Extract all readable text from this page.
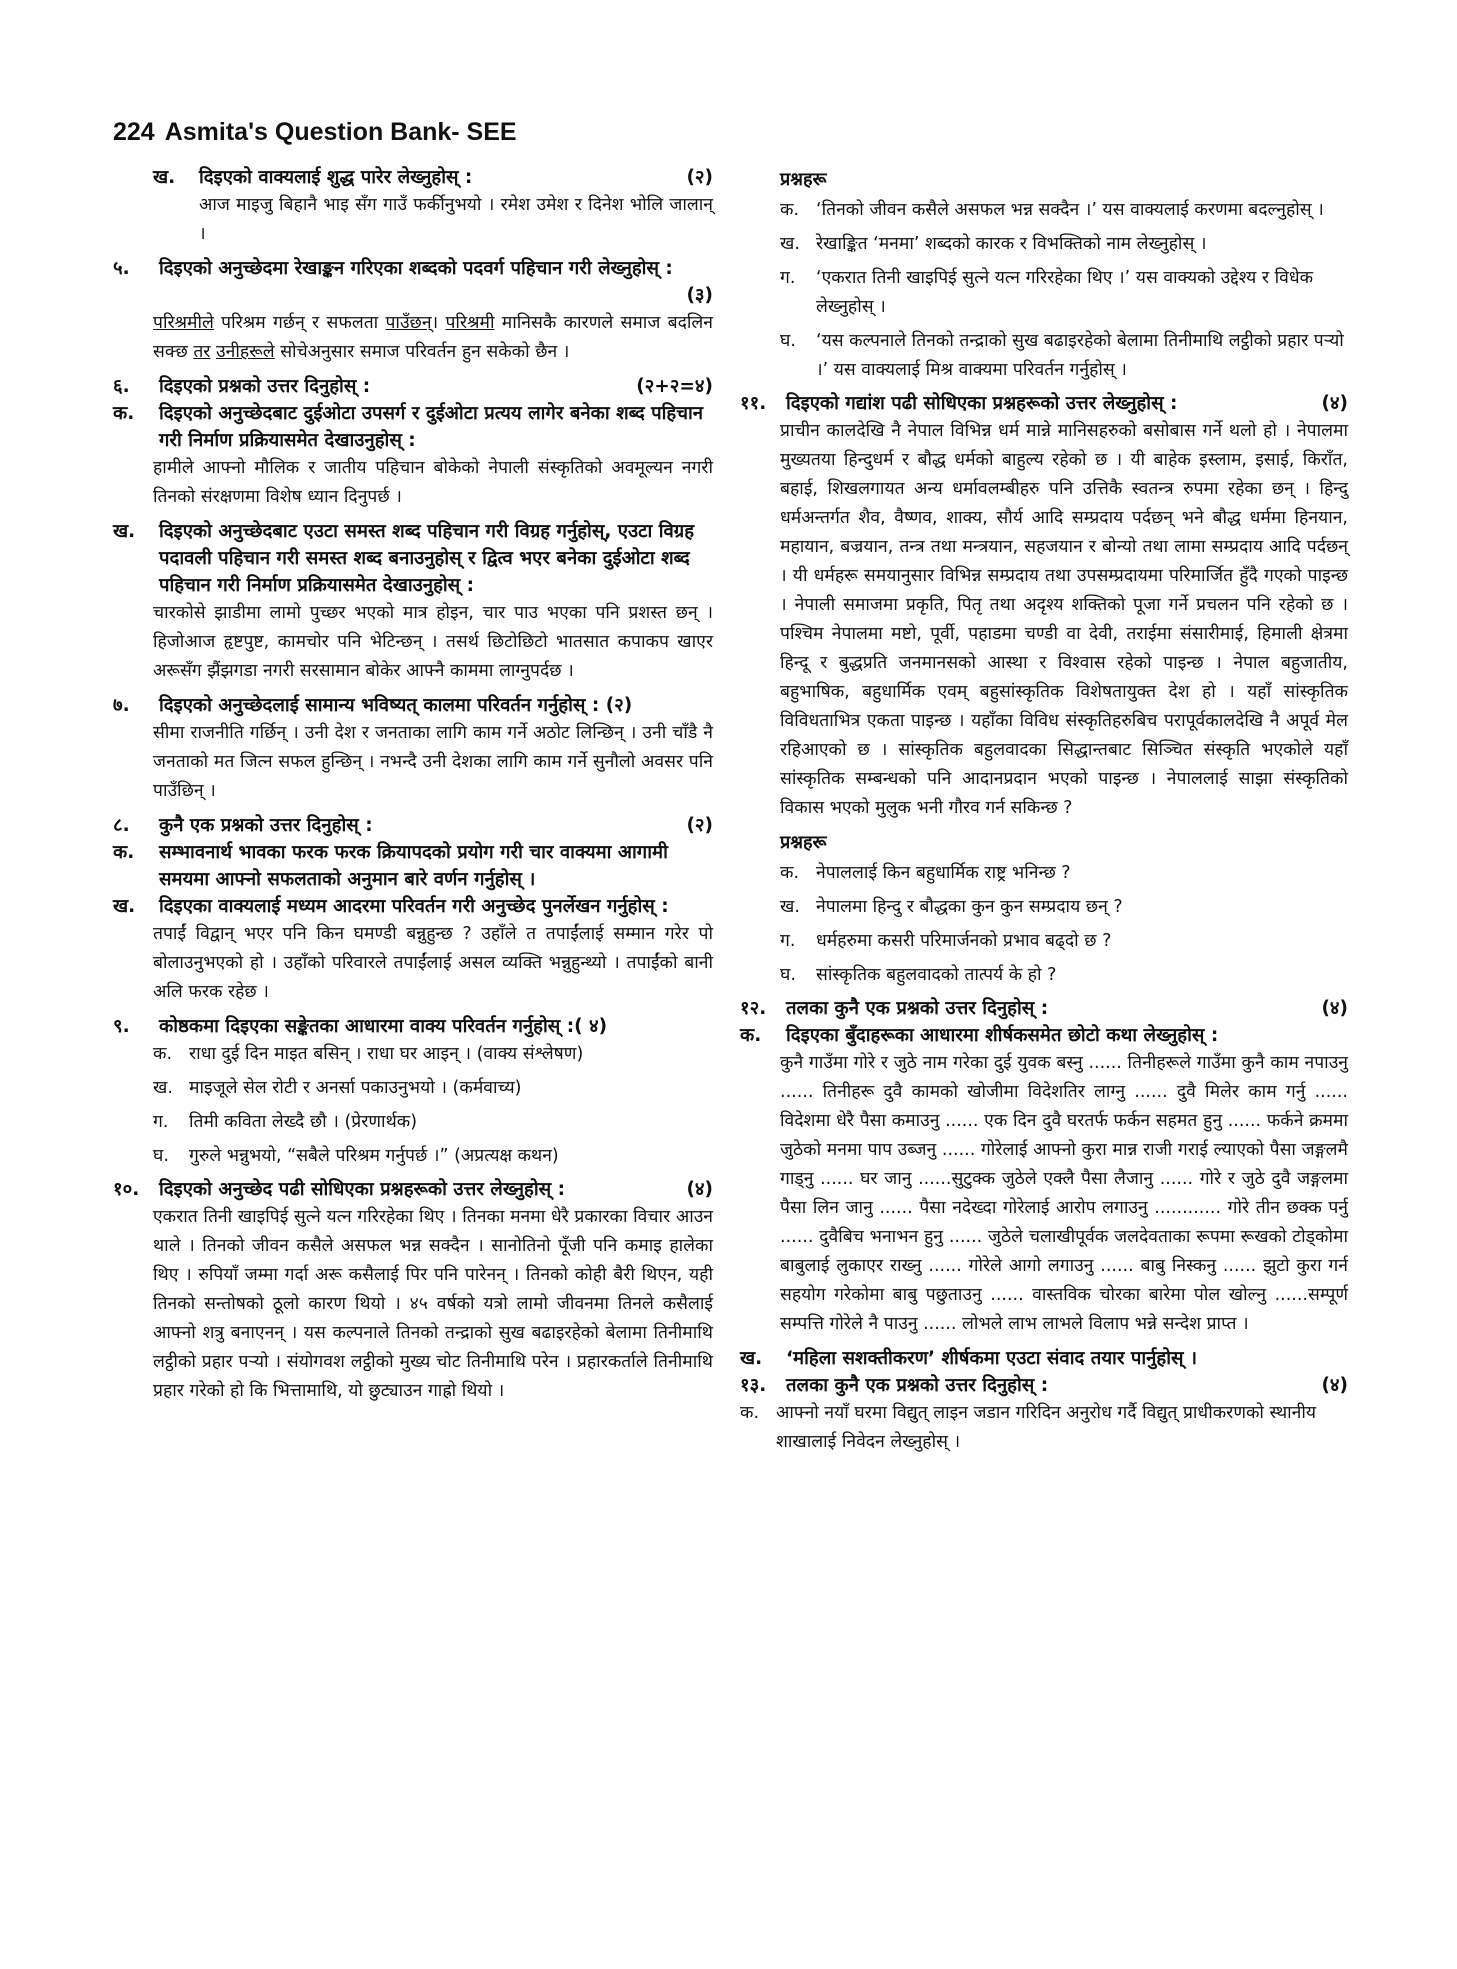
224 Asmita's Question Bank- SEE
ख.	दिइएको वाक्यलाई शुद्ध पारेर लेख्नुहोस् :	(२)

आज माइजु बिहानै भाइ सँग गाउँ फर्कीनुभयो । रमेश उमेश र दिनेश भोलि जालान् ।

५.	दिइएको अनुच्छेदमा रेखाङ्कन गरिएका शब्दको पदवर्ग पहिचान गरी लेख्नुहोस् :
(३)

परिश्रमीले परिश्रम गर्छन् र सफलता पाउँछन्। परिश्रमी मानिसकै कारणले समाज बदलिन सक्छ तर उनीहरूले सोचेअनुसार समाज परिवर्तन हुन सकेको छैन ।

६.	दिइएको प्रश्नको उत्तर दिनुहोस् :	(२+२=४)
क.	दिइएको अनुच्छेदबाट दुईओटा उपसर्ग र दुईओटा प्रत्यय लागेर बनेका शब्द पहिचान गरी निर्माण प्रक्रियासमेत देखाउनुहोस् :

हामीले आफ्नो मौलिक र जातीय पहिचान बोकेको नेपाली संस्कृतिको अवमूल्यन नगरी तिनको संरक्षणमा विशेष ध्यान दिनुपर्छ ।

ख.	दिइएको अनुच्छेदबाट एउटा समस्त शब्द पहिचान गरी विग्रह गर्नुहोस्, एउटा विग्रह पदावली पहिचान गरी समस्त शब्द बनाउनुहोस् र द्वित्व भएर बनेका दुईओटा शब्द पहिचान गरी निर्माण प्रक्रियासमेत देखाउनुहोस् :

चारकोसे झाडीमा लामो पुच्छर भएको मात्र होइन, चार पाउ भएका पनि प्रशस्त छन् । हिजोआज हृष्टपुष्ट, कामचोर पनि भेटिन्छन् । तसर्थ छिटोछिटो भातसात कपाकप खाएर अरूसँग झैंझगडा नगरी सरसामान बोकेर आफ्नै काममा लाग्नुपर्दछ ।

७.	दिइएको अनुच्छेदलाई सामान्य भविष्यत् कालमा परिवर्तन गर्नुहोस् : (२)

सीमा राजनीति गर्छिन् । उनी देश र जनताका लागि काम गर्ने अठोट लिन्छिन् । उनी चाँडै नै जनताको मत जित्न सफल हुन्छिन् । नभन्दै उनी देशका लागि काम गर्ने सुनौलो अवसर पनि पाउँछिन् ।

८.	कुनै एक प्रश्नको उत्तर दिनुहोस् :	(२)
क.	सम्भावनार्थ भावका फरक फरक क्रियापदको प्रयोग गरी चार वाक्यमा आगामी समयमा आफ्नो सफलताको अनुमान बारे वर्णन गर्नुहोस् ।
ख.	दिइएका वाक्यलाई मध्यम आदरमा परिवर्तन गरी अनुच्छेद पुनर्लेखन गर्नुहोस् :

तपाईं विद्वान् भएर पनि किन घमण्डी बन्नुहुन्छ ? उहाँले त तपाईंलाई सम्मान गरेर पो बोलाउनुभएको हो । उहाँको परिवारले तपाईंलाई असल व्यक्ति भन्नुहुन्थ्यो । तपाईंको बानी अलि फरक रहेछ ।

९.	कोष्ठकमा दिइएका सङ्केतका आधारमा वाक्य परिवर्तन गर्नुहोस् :( ४)
क. राधा दुई दिन माइत बसिन् । राधा घर आइन् । (वाक्य संश्लेषण)
ख. माइजूले सेल रोटी र अनर्सा पकाउनुभयो । (कर्मवाच्य)
ग.	तिमी कविता लेख्दै छौ । (प्रेरणार्थक)
घ.	गुरुले भन्नुभयो, “सबैले परिश्रम गर्नुपर्छ ।” (अप्रत्यक्ष कथन)
१०.	दिइएको अनुच्छेद पढी सोधिएका प्रश्नहरूको उत्तर लेख्नुहोस् :	(४)

एकरात तिनी खाइपिई सुत्ने यत्न गरिरहेका थिए । तिनका मनमा धेरै प्रकारका विचार आउन थाले । तिनको जीवन कसैले असफल भन्न सक्दैन । सानोतिनो पूँजी पनि कमाइ हालेका थिए । रुपियाँ जम्मा गर्दा अरू कसैलाई पिर पनि पारेनन् । तिनको कोही बैरी थिएन, यही तिनको सन्तोषको ठूलो कारण थियो । ४५ वर्षको यत्रो लामो जीवनमा तिनले कसैलाई आफ्नो शत्रु बनाएनन् । यस कल्पनाले तिनको तन्द्राको सुख बढाइरहेको बेलामा तिनीमाथि लट्ठीको प्रहार पऱ्यो । संयोगवश लट्ठीको मुख्य चोट तिनीमाथि परेन । प्रहारकर्ताले तिनीमाथि प्रहार गरेको हो कि भित्तामाथि, यो छुट्याउन गाह्रो थियो ।

प्रश्नहरू
क. ‘तिनको जीवन कसैले असफल भन्न सक्दैन ।’ यस वाक्यलाई करणमा बदल्नुहोस् ।
ख. रेखाङ्कित ‘मनमा’ शब्दको कारक र विभक्तिको नाम लेख्नुहोस् ।
ग.	‘एकरात तिनी खाइपिई सुत्ने यत्न गरिरहेका थिए ।’ यस वाक्यको उद्देश्य र विधेक लेख्नुहोस् ।
घ.	‘यस कल्पनाले तिनको तन्द्राको सुख बढाइरहेको बेलामा तिनीमाथि लट्ठीको प्रहार पऱ्यो ।’ यस वाक्यलाई मिश्र वाक्यमा परिवर्तन गर्नुहोस् ।
११.	दिइएको गद्यांश पढी सोधिएका प्रश्नहरूको उत्तर लेख्नुहोस् :	(४)

प्राचीन कालदेखि नै नेपाल विभिन्न धर्म मान्ने मानिसहरुको बसोबास गर्ने थलो हो । नेपालमा मुख्यतया हिन्दुधर्म र बौद्ध धर्मको बाहुल्य रहेको छ । यी बाहेक इस्लाम, इसाई, किराँत, बहाई, शिखलगायत अन्य धर्मावलम्बीहरु पनि उत्तिकै स्वतन्त्र रुपमा रहेका छन् । हिन्दु धर्मअन्तर्गत शैव, वैष्णव, शाक्य, सौर्य आदि सम्प्रदाय पर्दछन् भने बौद्ध धर्ममा हिनयान, महायान, बज्रयान, तन्त्र तथा मन्त्रयान, सहजयान र बोन्यो तथा लामा सम्प्रदाय आदि पर्दछन् । यी धर्महरू समयानुसार विभिन्न सम्प्रदाय तथा उपसम्प्रदायमा परिमार्जित हुँदै गएको पाइन्छ । नेपाली समाजमा प्रकृति, पितृ तथा अदृश्य शक्तिको पूजा गर्ने प्रचलन पनि रहेको छ । पश्चिम नेपालमा मष्टो, पूर्वी, पहाडमा चण्डी वा देवी, तराईमा संसारीमाई, हिमाली क्षेत्रमा हिन्दू र बुद्धप्रति जनमानसको आस्था र विश्वास रहेको पाइन्छ । नेपाल बहुजातीय, बहुभाषिक, बहुधार्मिक एवम् बहुसांस्कृतिक विशेषतायुक्त देश हो । यहाँ सांस्कृतिक विविधताभित्र एकता पाइन्छ । यहाँका विविध संस्कृतिहरुबिच परापूर्वकालदेखि नै अपूर्व मेल रहिआएको छ । सांस्कृतिक बहुलवादका सिद्धान्तबाट सिञ्चित संस्कृति भएकोले यहाँ सांस्कृतिक सम्बन्धको पनि आदानप्रदान भएको पाइन्छ । नेपाललाई साझा संस्कृतिको विकास भएको मुलुक भनी गौरव गर्न सकिन्छ ?

प्रश्नहरू
क. नेपाललाई किन बहुधार्मिक राष्ट्र भनिन्छ ?
ख. नेपालमा हिन्दु र बौद्धका कुन कुन सम्प्रदाय छन् ?
ग.	धर्महरुमा कसरी परिमार्जनको प्रभाव बढ्दो छ ?
घ.	सांस्कृतिक बहुलवादको तात्पर्य के हो ?
१२.	तलका कुनै एक प्रश्नको उत्तर दिनुहोस् :	(४)
क.	दिइएका बुँदाहरूका आधारमा शीर्षकसमेत छोटो कथा लेख्नुहोस् :

कुनै गाउँमा गोरे र जुठे नाम गरेका दुई युवक बस्नु ...... तिनीहरूले गाउँमा कुनै काम नपाउनु ...... तिनीहरू दुवै कामको खोजीमा विदेशतिर लाग्नु ...... दुवै मिलेर काम गर्नु ...... विदेशमा धेरै पैसा कमाउनु ...... एक दिन दुवै घरतर्फ फर्कन सहमत हुनु ...... फर्कने क्रममा जुठेको मनमा पाप उब्जनु ...... गोरेलाई आफ्नो कुरा मान्न राजी गराई ल्याएको पैसा जङ्गलमै गाड्नु ...... घर जानु ......सुटुक्क जुठेले एक्लै पैसा लैजानु ...... गोरे र जुठे दुवै जङ्गलमा पैसा लिन जानु ...... पैसा नदेख्दा गोरेलाई आरोप लगाउनु ............ गोरे तीन छक्क पर्नु ...... दुवैबिच भनाभन हुनु ...... जुठेले चलाखीपूर्वक जलदेवताका रूपमा रूखको टोड्कोमा बाबुलाई लुकाएर राख्नु ...... गोरेले आगो लगाउनु ...... बाबु निस्कनु ...... झुटो कुरा गर्न सहयोग गरेकोमा बाबु पछुताउनु ...... वास्तविक चोरका बारेमा पोल खोल्नु ......सम्पूर्ण सम्पत्ति गोरेले नै पाउनु ...... लोभले लाभ लाभले विलाप भन्ने सन्देश प्राप्त ।

ख.	‘महिला सशक्तीकरण’ शीर्षकमा एउटा संवाद तयार पार्नुहोस् ।
१३.	तलका कुनै एक प्रश्नको उत्तर दिनुहोस् :	(४)
क. आफ्नो नयाँ घरमा विद्युत् लाइन जडान गरिदिन अनुरोध गर्दै विद्युत् प्राधीकरणको स्थानीय शाखालाई निवेदन लेख्नुहोस् ।
